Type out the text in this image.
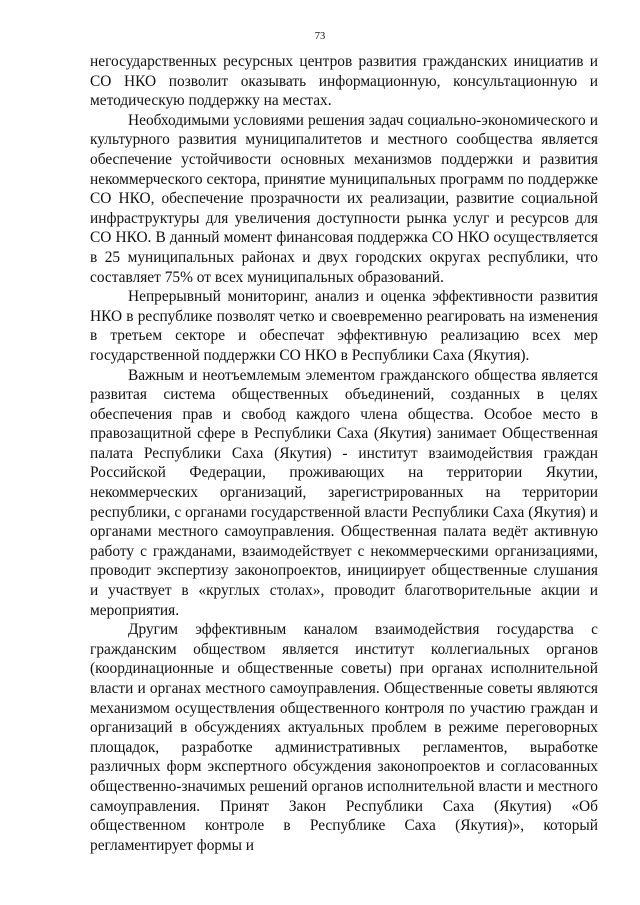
73

негосударственных ресурсных центров развития гражданских инициатив и СО НКО позволит оказывать информационную, консультационную и методическую поддержку на местах.

Необходимыми условиями решения задач социально-экономического и культурного развития муниципалитетов и местного сообщества является обеспечение устойчивости основных механизмов поддержки и развития некоммерческого сектора, принятие муниципальных программ по поддержке СО НКО, обеспечение прозрачности их реализации, развитие социальной инфраструктуры для увеличения доступности рынка услуг и ресурсов для СО НКО. В данный момент финансовая поддержка СО НКО осуществляется в 25 муниципальных районах и двух городских округах республики, что составляет 75% от всех муниципальных образований.

Непрерывный мониторинг, анализ и оценка эффективности развития НКО в республике позволят четко и своевременно реагировать на изменения в третьем секторе и обеспечат эффективную реализацию всех мер государственной поддержки СО НКО в Республики Саха (Якутия).

Важным и неотъемлемым элементом гражданского общества является развитая система общественных объединений, созданных в целях обеспечения прав и свобод каждого члена общества. Особое место в правозащитной сфере в Республики Саха (Якутия) занимает Общественная палата Республики Саха (Якутия) - институт взаимодействия граждан Российской Федерации, проживающих на территории Якутии, некоммерческих организаций, зарегистрированных на территории республики, с органами государственной власти Республики Саха (Якутия) и органами местного самоуправления. Общественная палата ведёт активную работу с гражданами, взаимодействует с некоммерческими организациями, проводит экспертизу законопроектов, инициирует общественные слушания и участвует в «круглых столах», проводит благотворительные акции и мероприятия.

Другим эффективным каналом взаимодействия государства с гражданским обществом является институт коллегиальных органов (координационные и общественные советы) при органах исполнительной власти и органах местного самоуправления. Общественные советы являются механизмом осуществления общественного контроля по участию граждан и организаций в обсуждениях актуальных проблем в режиме переговорных площадок, разработке административных регламентов, выработке различных форм экспертного обсуждения законопроектов и согласованных общественно-значимых решений органов исполнительной власти и местного самоуправления. Принят Закон Республики Саха (Якутия) «Об общественном контроле в Республике Саха (Якутия)», который регламентирует формы и
